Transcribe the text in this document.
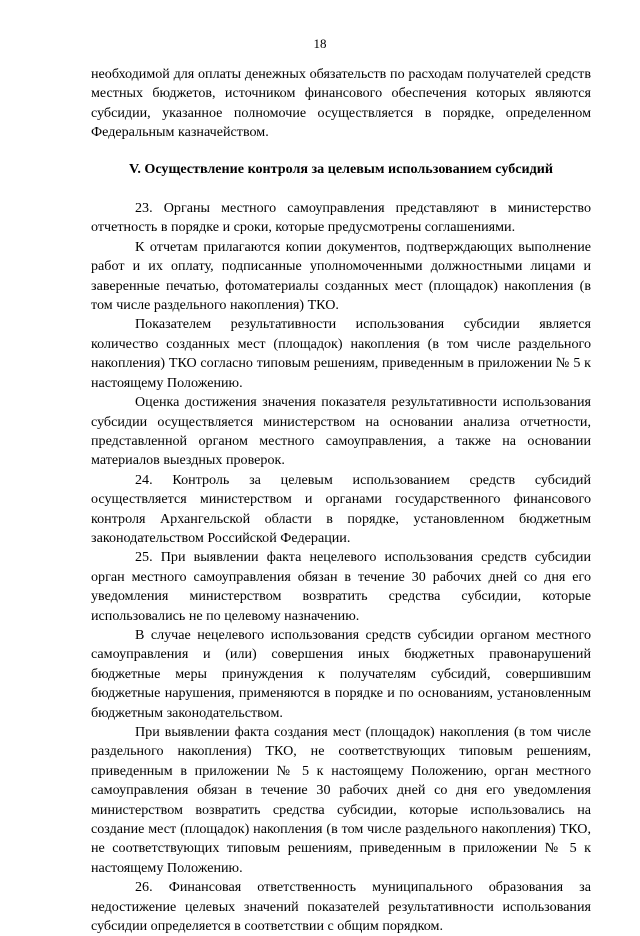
18

необходимой для оплаты денежных обязательств по расходам получателей средств местных бюджетов, источником финансового обеспечения которых являются субсидии, указанное полномочие осуществляется в порядке, определенном Федеральным казначейством.

V. Осуществление контроля за целевым использованием субсидий

23. Органы местного самоуправления представляют в министерство отчетность в порядке и сроки, которые предусмотрены соглашениями.

К отчетам прилагаются копии документов, подтверждающих выполнение работ и их оплату, подписанные уполномоченными должностными лицами и заверенные печатью, фотоматериалы созданных мест (площадок) накопления (в том числе раздельного накопления) ТКО.

Показателем результативности использования субсидии является количество созданных мест (площадок) накопления (в том числе раздельного накопления) ТКО согласно типовым решениям, приведенным в приложении № 5 к настоящему Положению.

Оценка достижения значения показателя результативности использования субсидии осуществляется министерством на основании анализа отчетности, представленной органом местного самоуправления, а также на основании материалов выездных проверок.

24. Контроль за целевым использованием средств субсидий осуществляется министерством и органами государственного финансового контроля Архангельской области в порядке, установленном бюджетным законодательством Российской Федерации.

25. При выявлении факта нецелевого использования средств субсидии орган местного самоуправления обязан в течение 30 рабочих дней со дня его уведомления министерством возвратить средства субсидии, которые использовались не по целевому назначению.

В случае нецелевого использования средств субсидии органом местного самоуправления и (или) совершения иных бюджетных правонарушений бюджетные меры принуждения к получателям субсидий, совершившим бюджетные нарушения, применяются в порядке и по основаниям, установленным бюджетным законодательством.

При выявлении факта создания мест (площадок) накопления (в том числе раздельного накопления) ТКО, не соответствующих типовым решениям, приведенным в приложении № 5 к настоящему Положению, орган местного самоуправления обязан в течение 30 рабочих дней со дня его уведомления министерством возвратить средства субсидии, которые использовались на создание мест (площадок) накопления (в том числе раздельного накопления) ТКО, не соответствующих типовым решениям, приведенным в приложении № 5 к настоящему Положению.

26. Финансовая ответственность муниципального образования за недостижение целевых значений показателей результативности использования субсидии определяется в соответствии с общим порядком.
